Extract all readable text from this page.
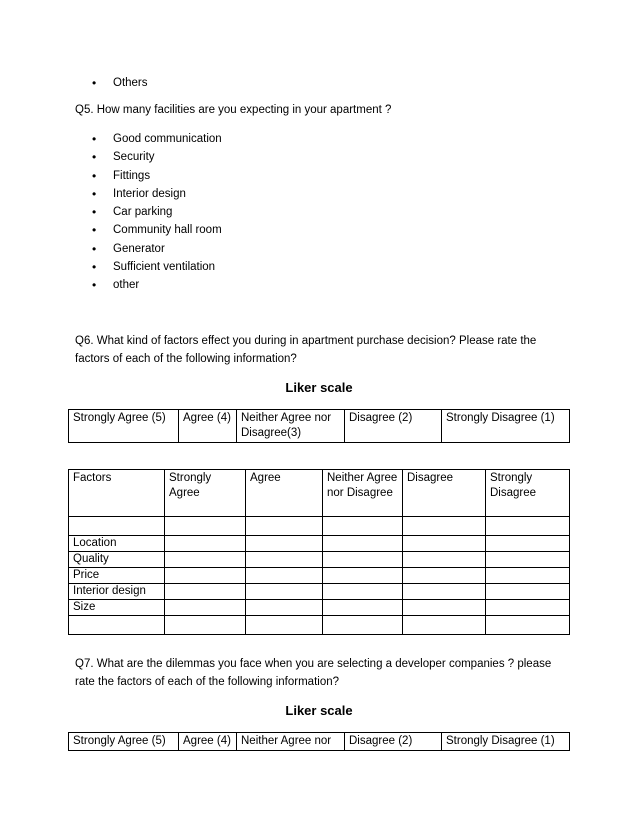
• Others
Q5. How many facilities are you expecting in your apartment ?
• Good communication
• Security
• Fittings
• Interior design
• Car parking
• Community hall room
• Generator
• Sufficient ventilation
• other
Q6. What kind of factors effect you during in apartment purchase decision? Please rate the factors of each of the following information?
Liker scale
Strongly Agree (5)	Agree (4)	Neither Agree nor Disagree(3)	Disagree (2)	Strongly Disagree (1)
Factors	Strongly Agree	Agree	Neither Agree nor Disagree	Disagree	Strongly Disagree

Location					
Quality					
Price					
Interior design					
Size					

Q7. What are the dilemmas you face when you are selecting a developer companies ? please rate the factors of each of the following information?
Liker scale
Strongly Agree (5)	Agree (4)	Neither Agree nor	Disagree (2)	Strongly Disagree (1)
